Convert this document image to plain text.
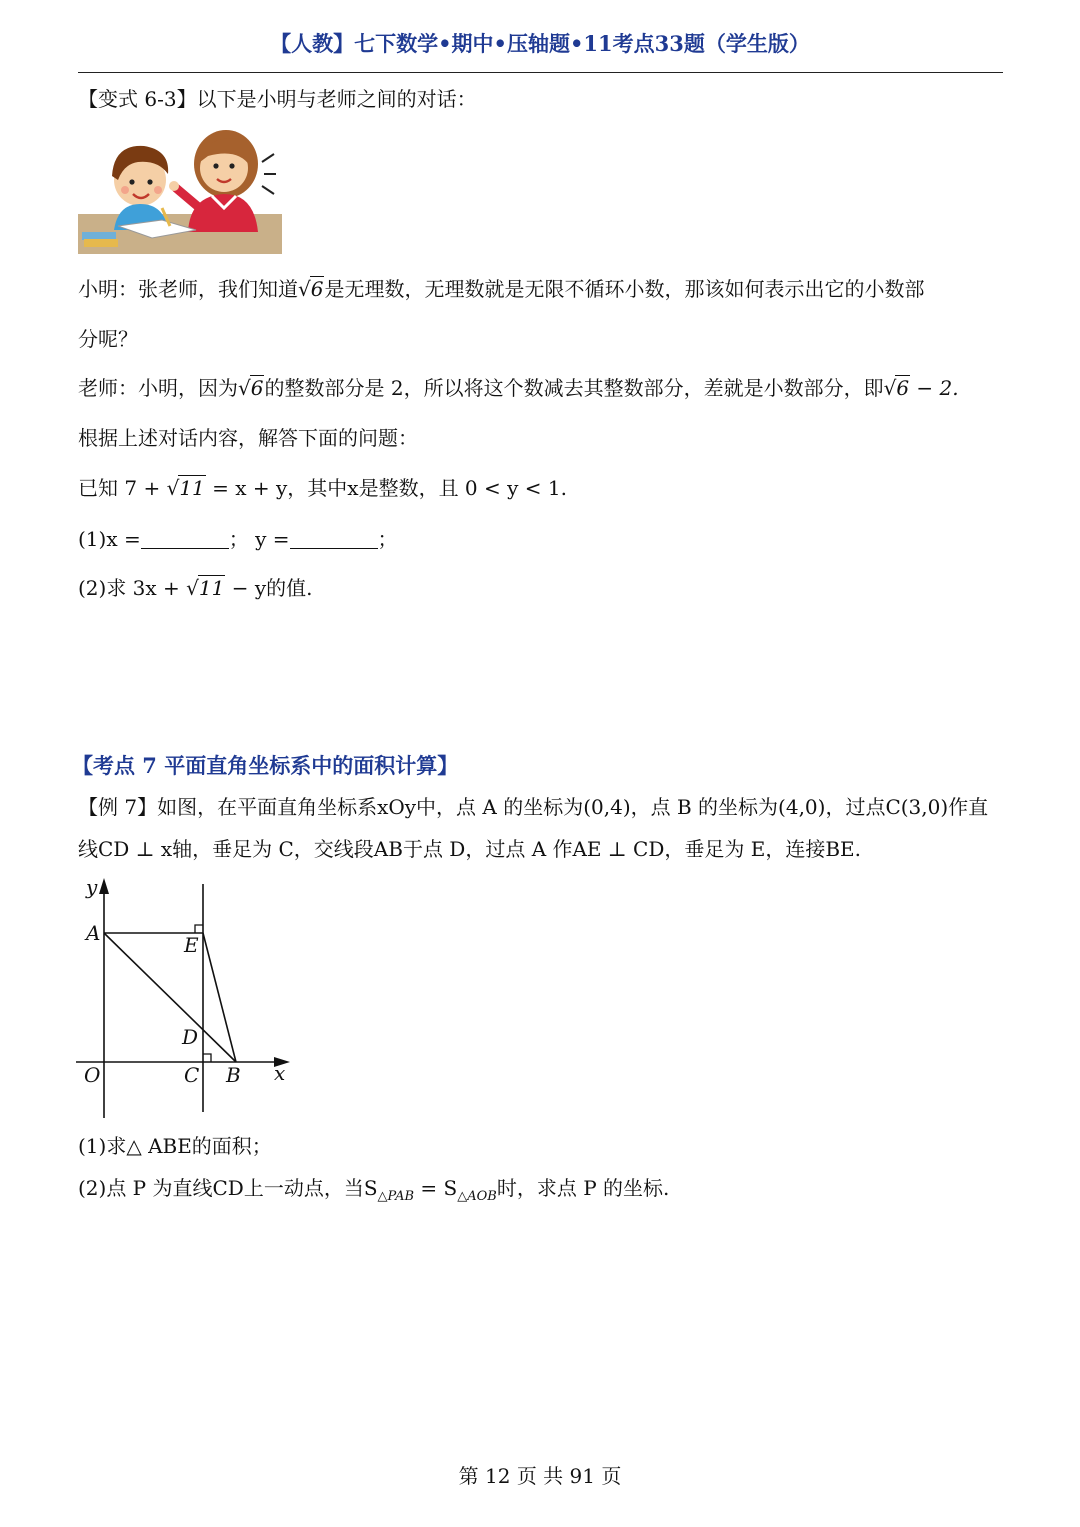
【人教】七下数学•期中•压轴题•11考点33题（学生版）
【变式 6-3】以下是小明与老师之间的对话：
小明：张老师，我们知道√6是无理数，无理数就是无限不循环小数，那该如何表示出它的小数部
分呢？
老师：小明，因为√6的整数部分是 2，所以将这个数减去其整数部分，差就是小数部分，即√6 − 2.
根据上述对话内容，解答下面的问题：
已知 7 + √11 = x + y，其中x是整数，且 0 < y < 1.
(1)x =	； y =	；
(2)求 3x + √11 − y的值.
【考点 7 平面直角坐标系中的面积计算】
【例 7】如图，在平面直角坐标系xOy中，点 A 的坐标为(0,4)，点 B 的坐标为(4,0)，过点C(3,0)作直
线CD ⊥ x轴，垂足为 C，交线段AB于点 D，过点 A 作AE ⊥ CD，垂足为 E，连接BE.
y
x
A	E
D
O	C B
(1)求△ ABE的面积；
(2)点 P 为直线CD上一动点，当$S_{\triangle PAB} = S_{\triangle AOB}$时，求点 P 的坐标.
第 12 页 共 91 页
